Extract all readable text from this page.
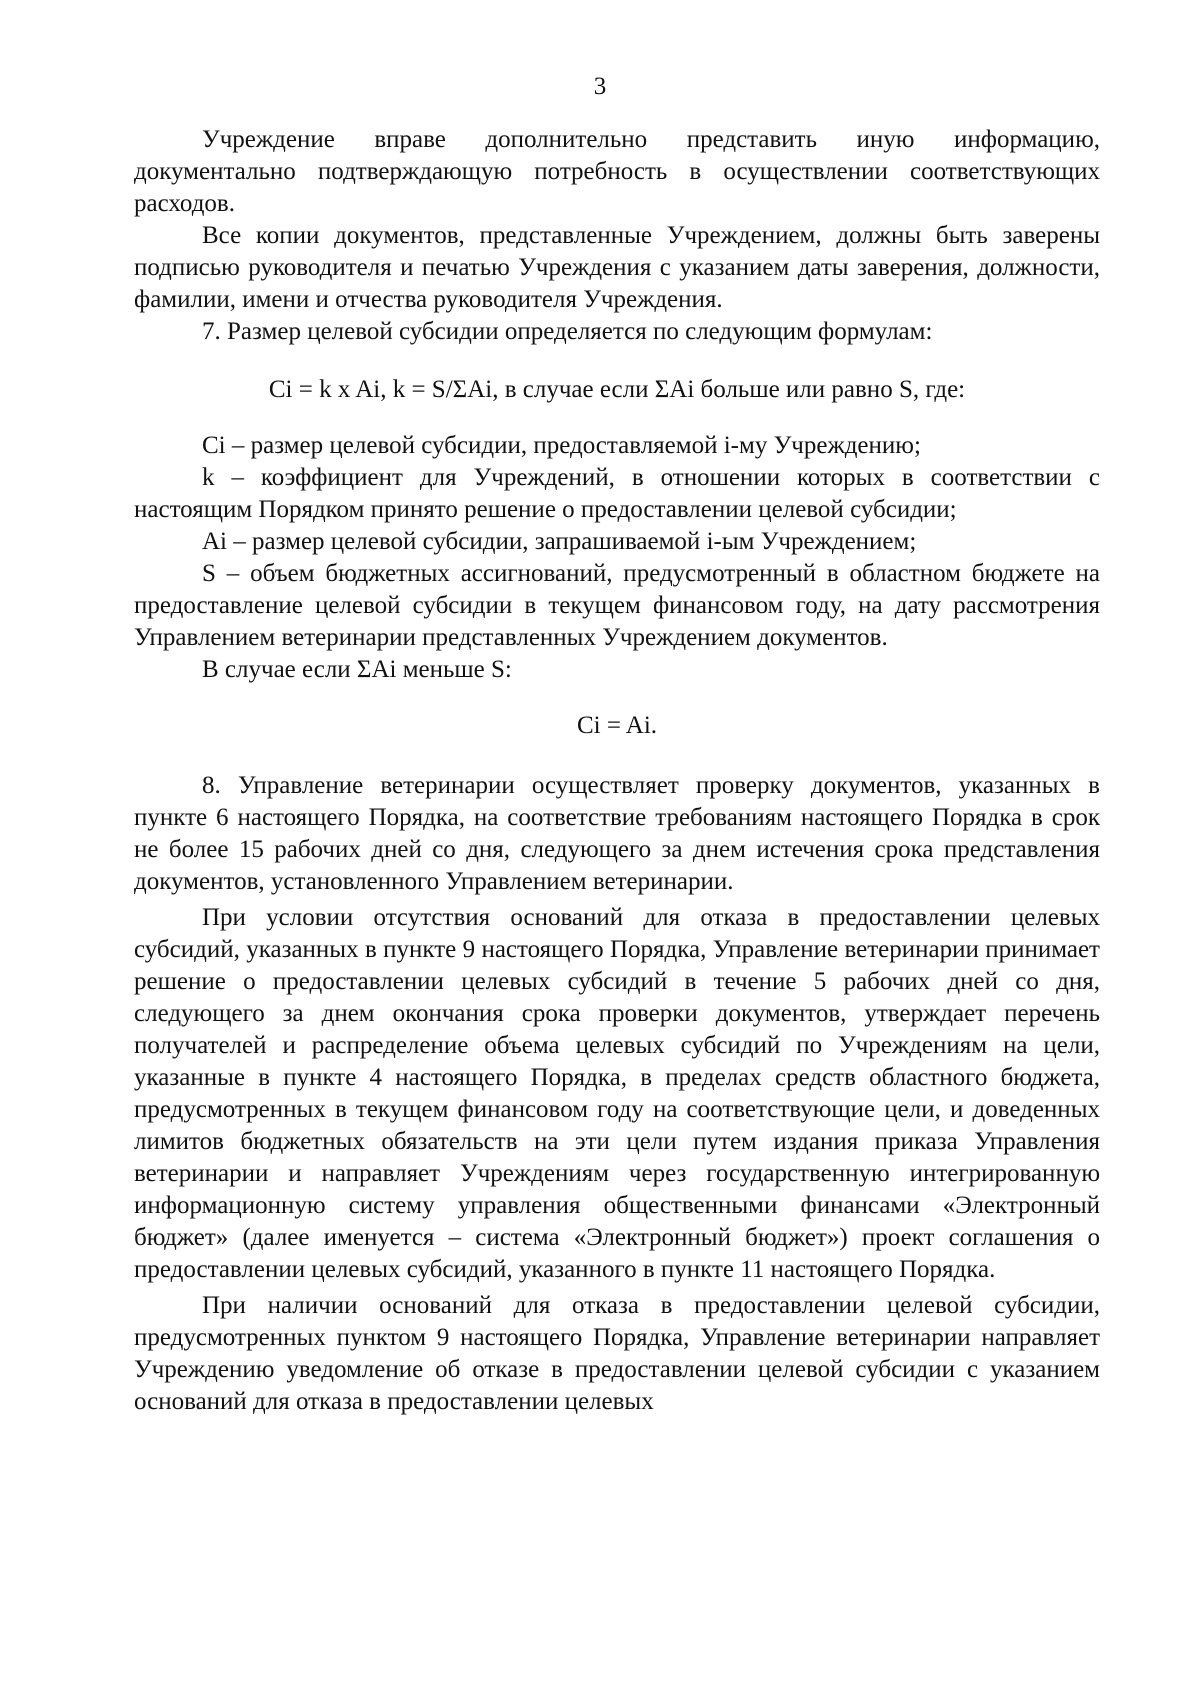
3

Учреждение вправе дополнительно представить иную информацию, документально подтверждающую потребность в осуществлении соответствующих расходов.

Все копии документов, представленные Учреждением, должны быть заверены подписью руководителя и печатью Учреждения с указанием даты заверения, должности, фамилии, имени и отчества руководителя Учреждения.

7. Размер целевой субсидии определяется по следующим формулам:

Ci = k x Ai, k = S/ΣAi, в случае если ΣAi больше или равно S, где:

Ci – размер целевой субсидии, предоставляемой i-му Учреждению;

k – коэффициент для Учреждений, в отношении которых в соответствии с настоящим Порядком принято решение о предоставлении целевой субсидии;

Ai – размер целевой субсидии, запрашиваемой i-ым Учреждением;

S – объем бюджетных ассигнований, предусмотренный в областном бюджете на предоставление целевой субсидии в текущем финансовом году, на дату рассмотрения Управлением ветеринарии представленных Учреждением документов.

В случае если ΣAi меньше S:

Ci = Ai.

8. Управление ветеринарии осуществляет проверку документов, указанных в пункте 6 настоящего Порядка, на соответствие требованиям настоящего Порядка в срок не более 15 рабочих дней со дня, следующего за днем истечения срока представления документов, установленного Управлением ветеринарии.

При условии отсутствия оснований для отказа в предоставлении целевых субсидий, указанных в пункте 9 настоящего Порядка, Управление ветеринарии принимает решение о предоставлении целевых субсидий в течение 5 рабочих дней со дня, следующего за днем окончания срока проверки документов, утверждает перечень получателей и распределение объема целевых субсидий по Учреждениям на цели, указанные в пункте 4 настоящего Порядка, в пределах средств областного бюджета, предусмотренных в текущем финансовом году на соответствующие цели, и доведенных лимитов бюджетных обязательств на эти цели путем издания приказа Управления ветеринарии и направляет Учреждениям через государственную интегрированную информационную систему управления общественными финансами «Электронный бюджет» (далее именуется – система «Электронный бюджет») проект соглашения о предоставлении целевых субсидий, указанного в пункте 11 настоящего Порядка.

При наличии оснований для отказа в предоставлении целевой субсидии, предусмотренных пунктом 9 настоящего Порядка, Управление ветеринарии направляет Учреждению уведомление об отказе в предоставлении целевой субсидии с указанием оснований для отказа в предоставлении целевых
